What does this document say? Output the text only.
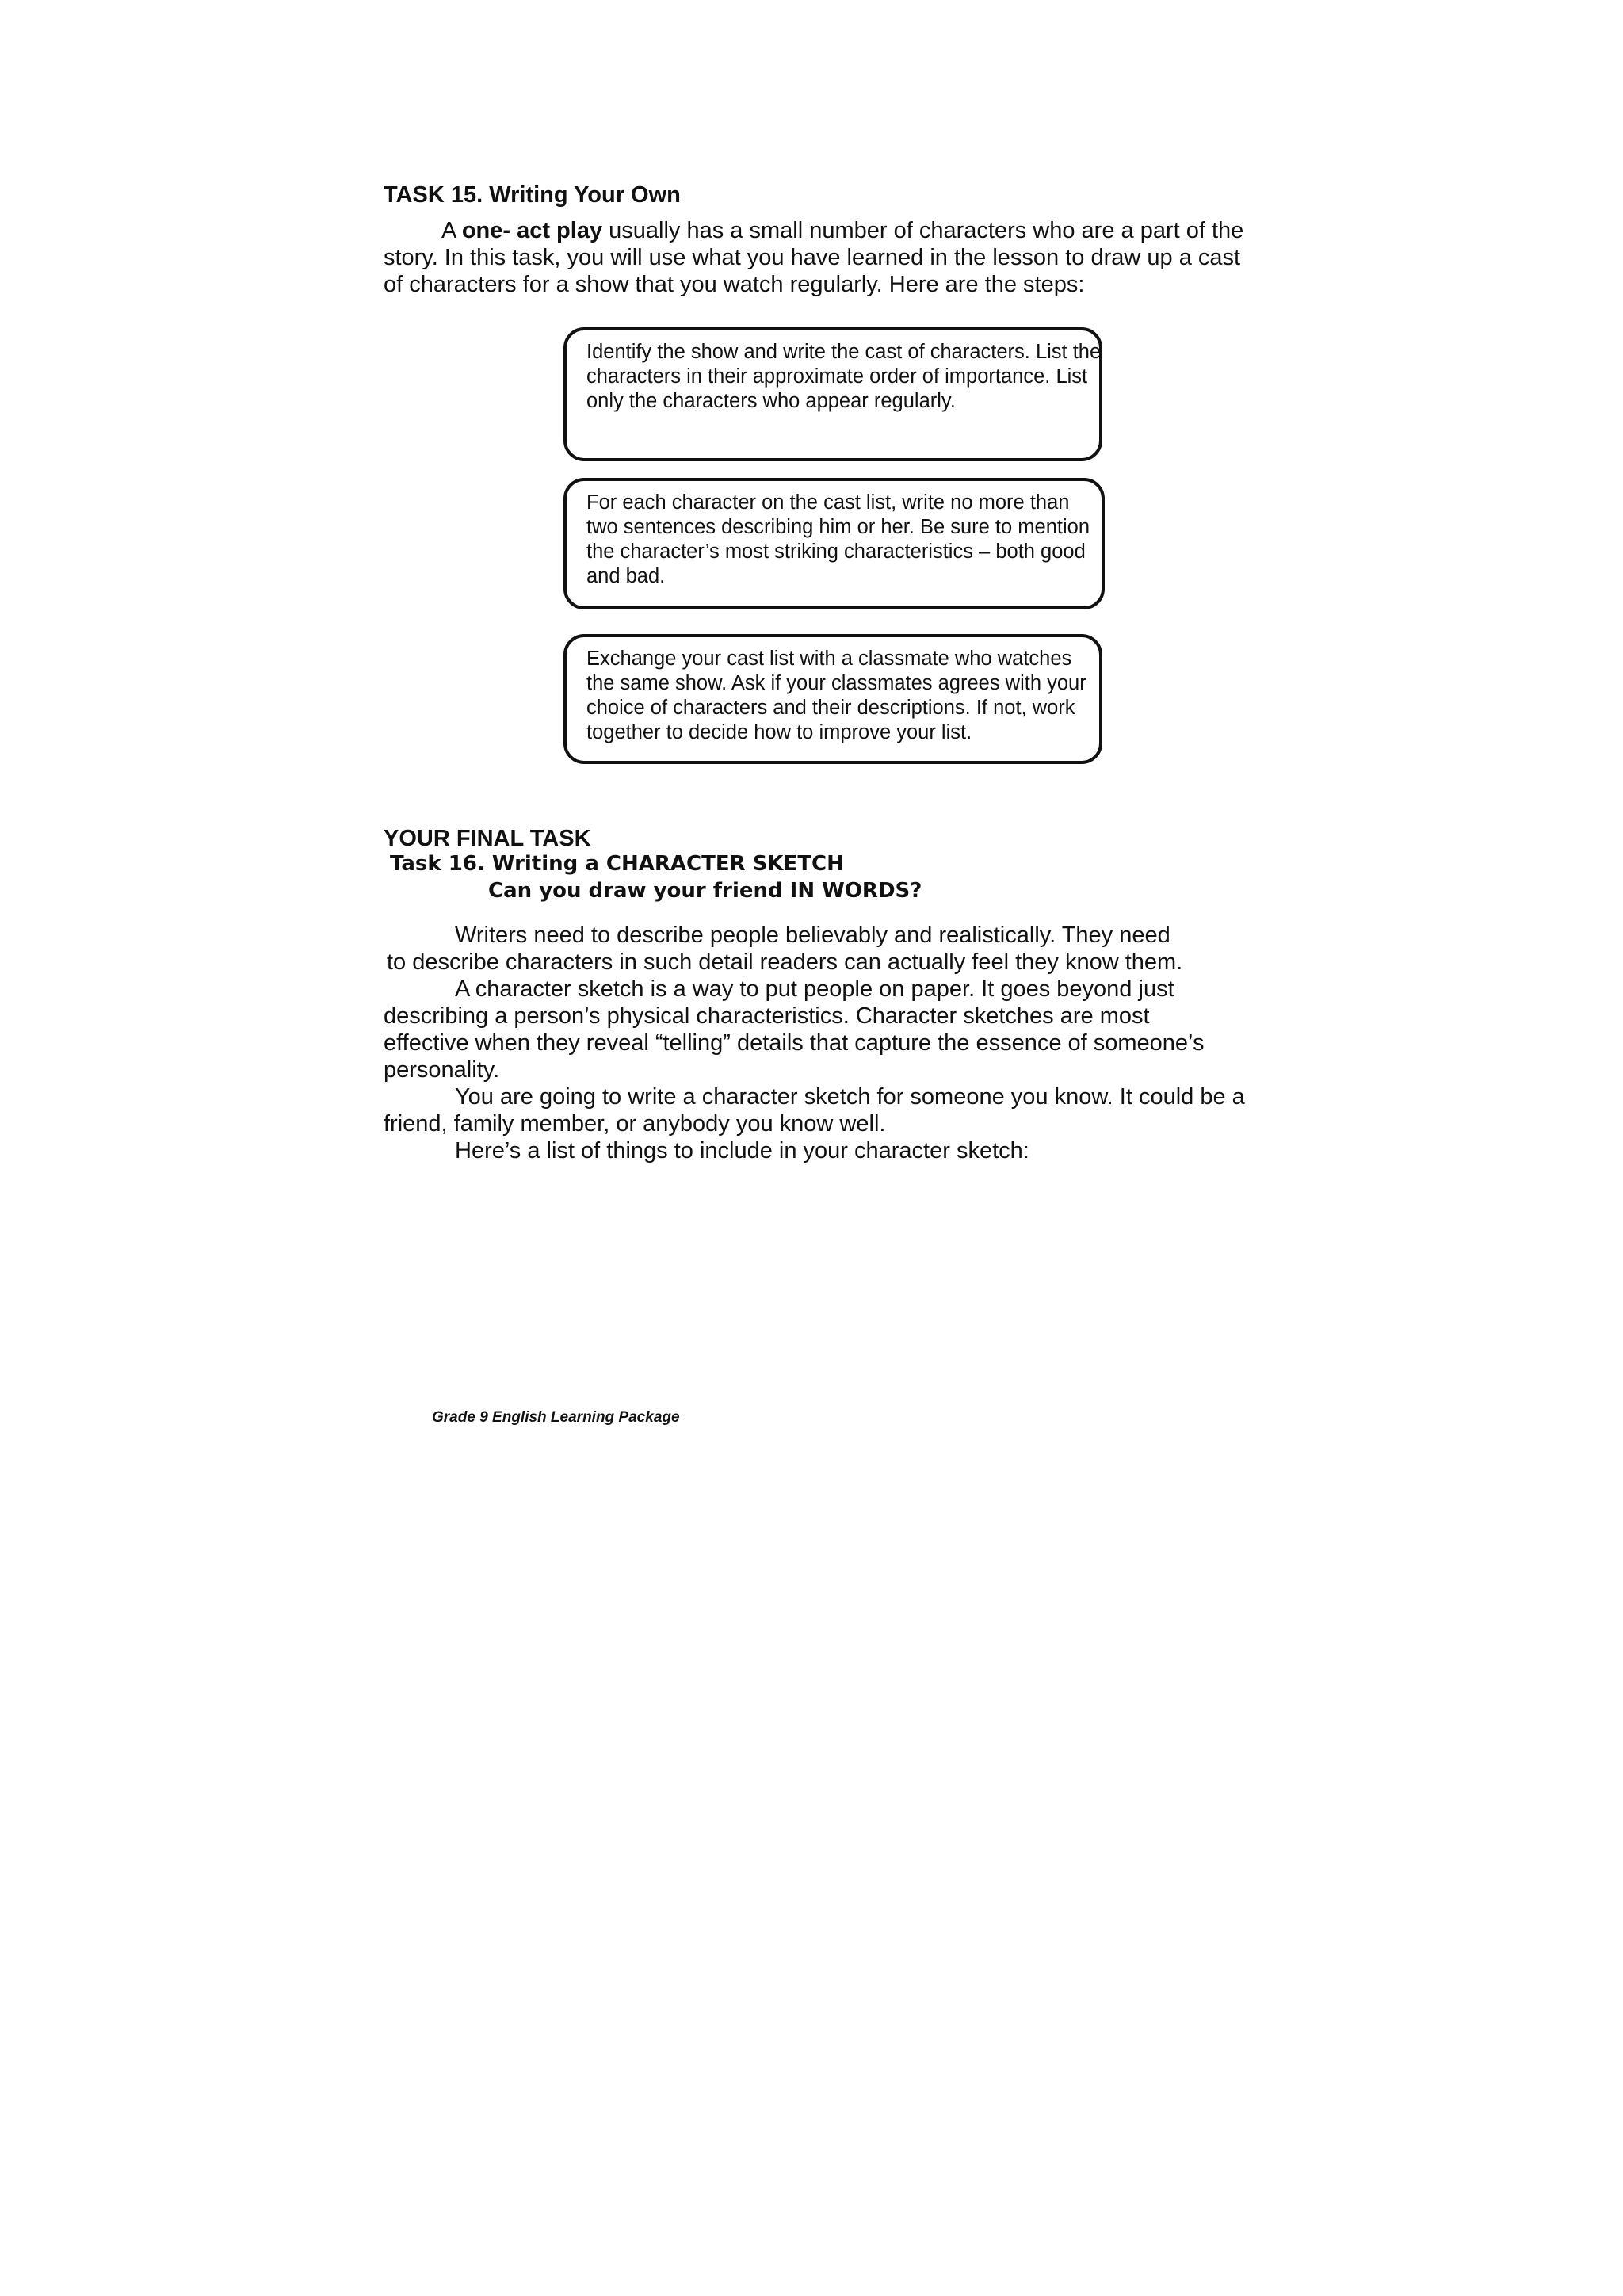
TASK 15. Writing Your Own

A one- act play usually has a small number of characters who are a part of the
story. In this task, you will use what you have learned in the lesson to draw up a cast
of characters for a show that you watch regularly. Here are the steps:

Identify the show and write the cast of characters. List the
characters in their approximate order of importance. List
only the characters who appear regularly.
For each character on the cast list, write no more than
two sentences describing him or her. Be sure to mention
the character’s most striking characteristics – both good
and bad.
Exchange your cast list with a classmate who watches
the same show. Ask if your classmates agrees with your
choice of characters and their descriptions. If not, work
together to decide how to improve your list.
YOUR FINAL TASK
Task 16. Writing a CHARACTER SKETCH
Can you draw your friend IN WORDS?

Writers need to describe people believably and realistically. They need
to describe characters in such detail readers can actually feel they know them.
A character sketch is a way to put people on paper. It goes beyond just
describing a person’s physical characteristics. Character sketches are most
effective when they reveal “telling” details that capture the essence of someone’s
personality.
You are going to write a character sketch for someone you know. It could be a
friend, family member, or anybody you know well.
Here’s a list of things to include in your character sketch:

Grade 9 English Learning Package
